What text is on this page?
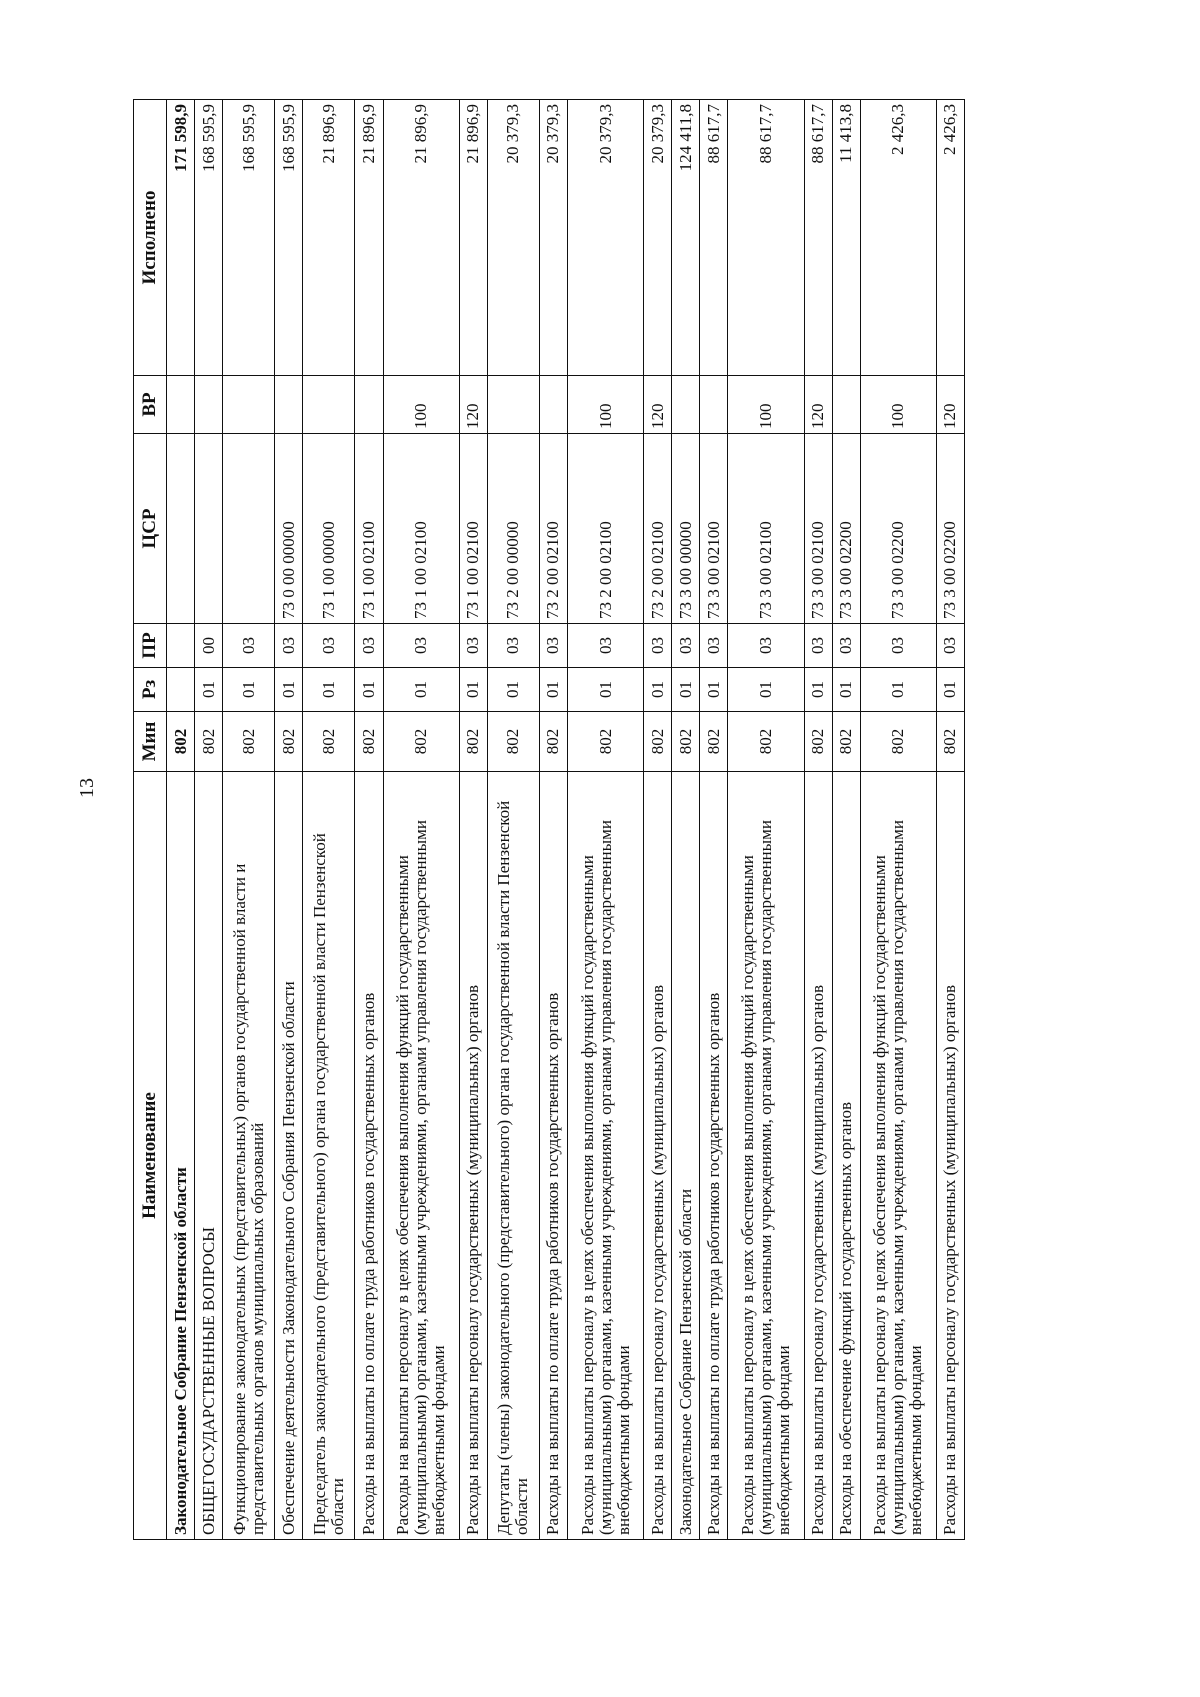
13
Наименование	Мин	Рз	ПР	ЦСР	ВР	Исполнено
Законодательное Собрание Пензенской области	802					171 598,9
ОБЩЕГОСУДАРСТВЕННЫЕ ВОПРОСЫ	802	01	00			168 595,9
Функционирование законодательных (представительных) органов государственной власти и представительных органов муниципальных образований	802	01	03			168 595,9
Обеспечение деятельности Законодательного Собрания Пензенской области	802	01	03	73 0 00 00000		168 595,9
Председатель законодательного (представительного) органа государственной власти Пензенской области	802	01	03	73 1 00 00000		21 896,9
Расходы на выплаты по оплате труда работников государственных органов	802	01	03	73 1 00 02100		21 896,9
Расходы на выплаты персоналу в целях обеспечения выполнения функций государственными (муниципальными) органами, казенными учреждениями, органами управления государственными внебюджетными фондами	802	01	03	73 1 00 02100	100	21 896,9
Расходы на выплаты персоналу государственных (муниципальных) органов	802	01	03	73 1 00 02100	120	21 896,9
Депутаты (члены) законодательного (представительного) органа государственной власти Пензенской области	802	01	03	73 2 00 00000		20 379,3
Расходы на выплаты по оплате труда работников государственных органов	802	01	03	73 2 00 02100		20 379,3
Расходы на выплаты персоналу в целях обеспечения выполнения функций государственными (муниципальными) органами, казенными учреждениями, органами управления государственными внебюджетными фондами	802	01	03	73 2 00 02100	100	20 379,3
Расходы на выплаты персоналу государственных (муниципальных) органов	802	01	03	73 2 00 02100	120	20 379,3
Законодательное Собрание Пензенской области	802	01	03	73 3 00 00000		124 411,8
Расходы на выплаты по оплате труда работников государственных органов	802	01	03	73 3 00 02100		88 617,7
Расходы на выплаты персоналу в целях обеспечения выполнения функций государственными (муниципальными) органами, казенными учреждениями, органами управления государственными внебюджетными фондами	802	01	03	73 3 00 02100	100	88 617,7
Расходы на выплаты персоналу государственных (муниципальных) органов	802	01	03	73 3 00 02100	120	88 617,7
Расходы на обеспечение функций государственных органов	802	01	03	73 3 00 02200		11 413,8
Расходы на выплаты персоналу в целях обеспечения выполнения функций государственными (муниципальными) органами, казенными учреждениями, органами управления государственными внебюджетными фондами	802	01	03	73 3 00 02200	100	2 426,3
Расходы на выплаты персоналу государственных (муниципальных) органов	802	01	03	73 3 00 02200	120	2 426,3
